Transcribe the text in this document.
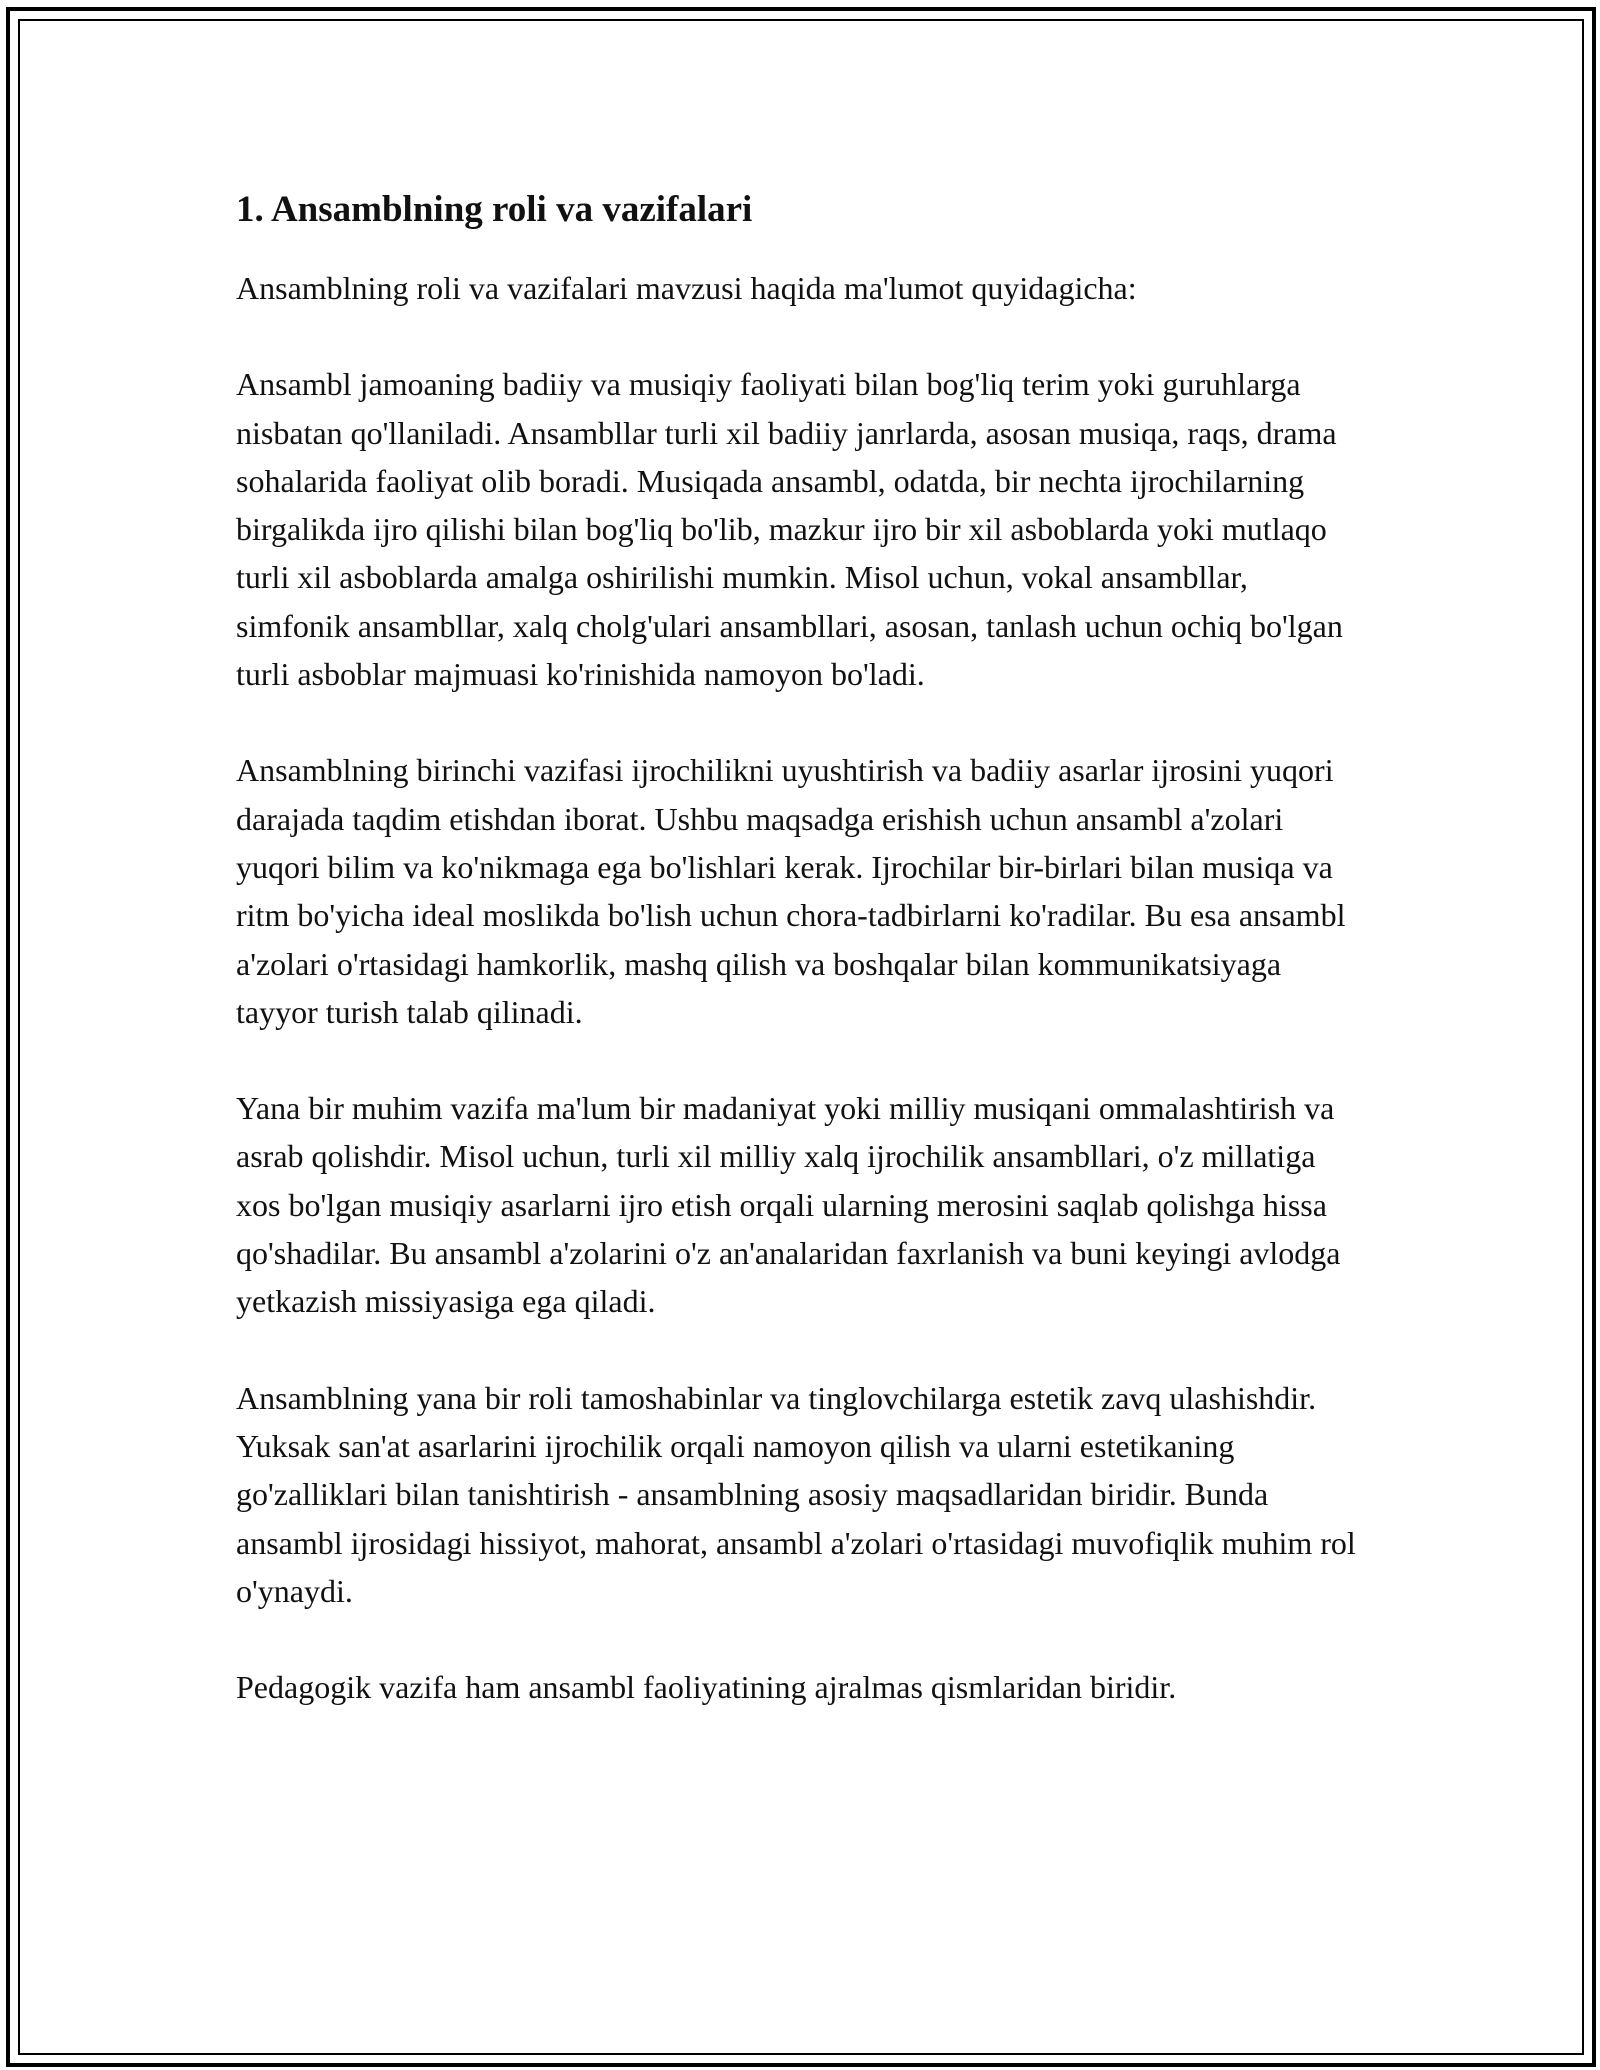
1. Ansamblning roli va vazifalari

Ansamblning roli va vazifalari mavzusi haqida ma'lumot quyidagicha:

Ansambl jamoaning badiiy va musiqiy faoliyati bilan bog'liq terim yoki guruhlarga nisbatan qo'llaniladi. Ansambllar turli xil badiiy janrlarda, asosan musiqa, raqs, drama sohalarida faoliyat olib boradi. Musiqada ansambl, odatda, bir nechta ijrochilarning birgalikda ijro qilishi bilan bog'liq bo'lib, mazkur ijro bir xil asboblarda yoki mutlaqo turli xil asboblarda amalga oshirilishi mumkin. Misol uchun, vokal ansambllar, simfonik ansambllar, xalq cholg'ulari ansambllari, asosan, tanlash uchun ochiq bo'lgan turli asboblar majmuasi ko'rinishida namoyon bo'ladi.

Ansamblning birinchi vazifasi ijrochilikni uyushtirish va badiiy asarlar ijrosini yuqori darajada taqdim etishdan iborat. Ushbu maqsadga erishish uchun ansambl a'zolari yuqori bilim va ko'nikmaga ega bo'lishlari kerak. Ijrochilar bir-birlari bilan musiqa va ritm bo'yicha ideal moslikda bo'lish uchun chora-tadbirlarni ko'radilar. Bu esa ansambl a'zolari o'rtasidagi hamkorlik, mashq qilish va boshqalar bilan kommunikatsiyaga tayyor turish talab qilinadi.

Yana bir muhim vazifa ma'lum bir madaniyat yoki milliy musiqani ommalashtirish va asrab qolishdir. Misol uchun, turli xil milliy xalq ijrochilik ansambllari, o'z millatiga xos bo'lgan musiqiy asarlarni ijro etish orqali ularning merosini saqlab qolishga hissa qo'shadilar. Bu ansambl a'zolarini o'z an'analaridan faxrlanish va buni keyingi avlodga yetkazish missiyasiga ega qiladi.

Ansamblning yana bir roli tamoshabinlar va tinglovchilarga estetik zavq ulashishdir. Yuksak san'at asarlarini ijrochilik orqali namoyon qilish va ularni estetikaning go'zalliklari bilan tanishtirish - ansamblning asosiy maqsadlaridan biridir. Bunda ansambl ijrosidagi hissiyot, mahorat, ansambl a'zolari o'rtasidagi muvofiqlik muhim rol o'ynaydi.

Pedagogik vazifa ham ansambl faoliyatining ajralmas qismlaridan biridir.
